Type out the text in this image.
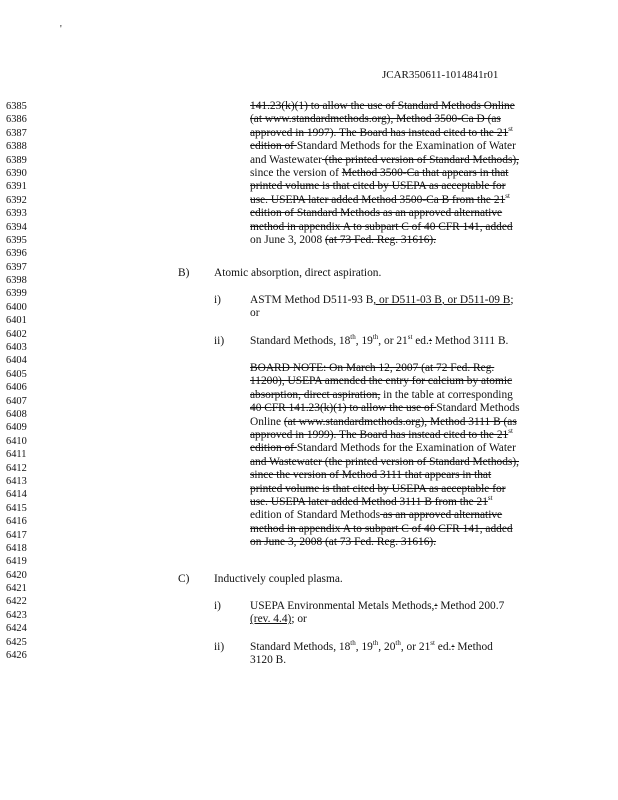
'
JCAR350611-1014841r01
6385
6386
6387
6388
6389
6390
6391
6392
6393
6394
6395
6396
6397
6398
6399
6400
6401
6402
6403
6404
6405
6406
6407
6408
6409
6410
6411
6412
6413
6414
6415
6416
6417
6418
6419
6420
6421
6422
6423
6424
6425
6426
141.23(k)(1) to allow the use of Standard Methods Online
(at www.standardmethods.org), Method 3500-Ca D (as
approved in 1997). The Board has instead cited to the 21st
edition of Standard Methods for the Examination of Water
and Wastewater (the printed version of Standard Methods),
since the version of Method 3500-Ca that appears in that
printed volume is that cited by USEPA as acceptable for
use. USEPA later added Method 3500-Ca B from the 21st
edition of Standard Methods as an approved alternative
method in appendix A to subpart C of 40 CFR 141, added
on June 3, 2008 (at 73 Fed. Reg. 31616).
B) Atomic absorption, direct aspiration.
i)	ASTM Method D511-93 B, or D511-03 B, or D511-09 B;
or
ii) Standard Methods, 18th, 19th, or 21st ed.: Method 3111 B.
BOARD NOTE: On March 12, 2007 (at 72 Fed. Reg.
11200), USEPA amended the entry for calcium by atomic
absorption, direct aspiration, in the table at corresponding
40 CFR 141.23(k)(1) to allow the use of Standard Methods
Online (at www.standardmethods.org), Method 3111 B (as
approved in 1999). The Board has instead cited to the 21st
edition of Standard Methods for the Examination of Water
and Wastewater (the printed version of Standard Methods),
since the version of Method 3111 that appears in that
printed volume is that cited by USEPA as acceptable for
use. USEPA later added Method 3111 B from the 21st
edition of Standard Methods as an approved alternative
method in appendix A to subpart C of 40 CFR 141, added
on June 3, 2008 (at 73 Fed. Reg. 31616).
C) Inductively coupled plasma.
i)	USEPA Environmental Metals Methods,: Method 200.7
(rev. 4.4); or
ii) Standard Methods, 18th, 19th, 20th, or 21st ed.: Method
3120 B.
